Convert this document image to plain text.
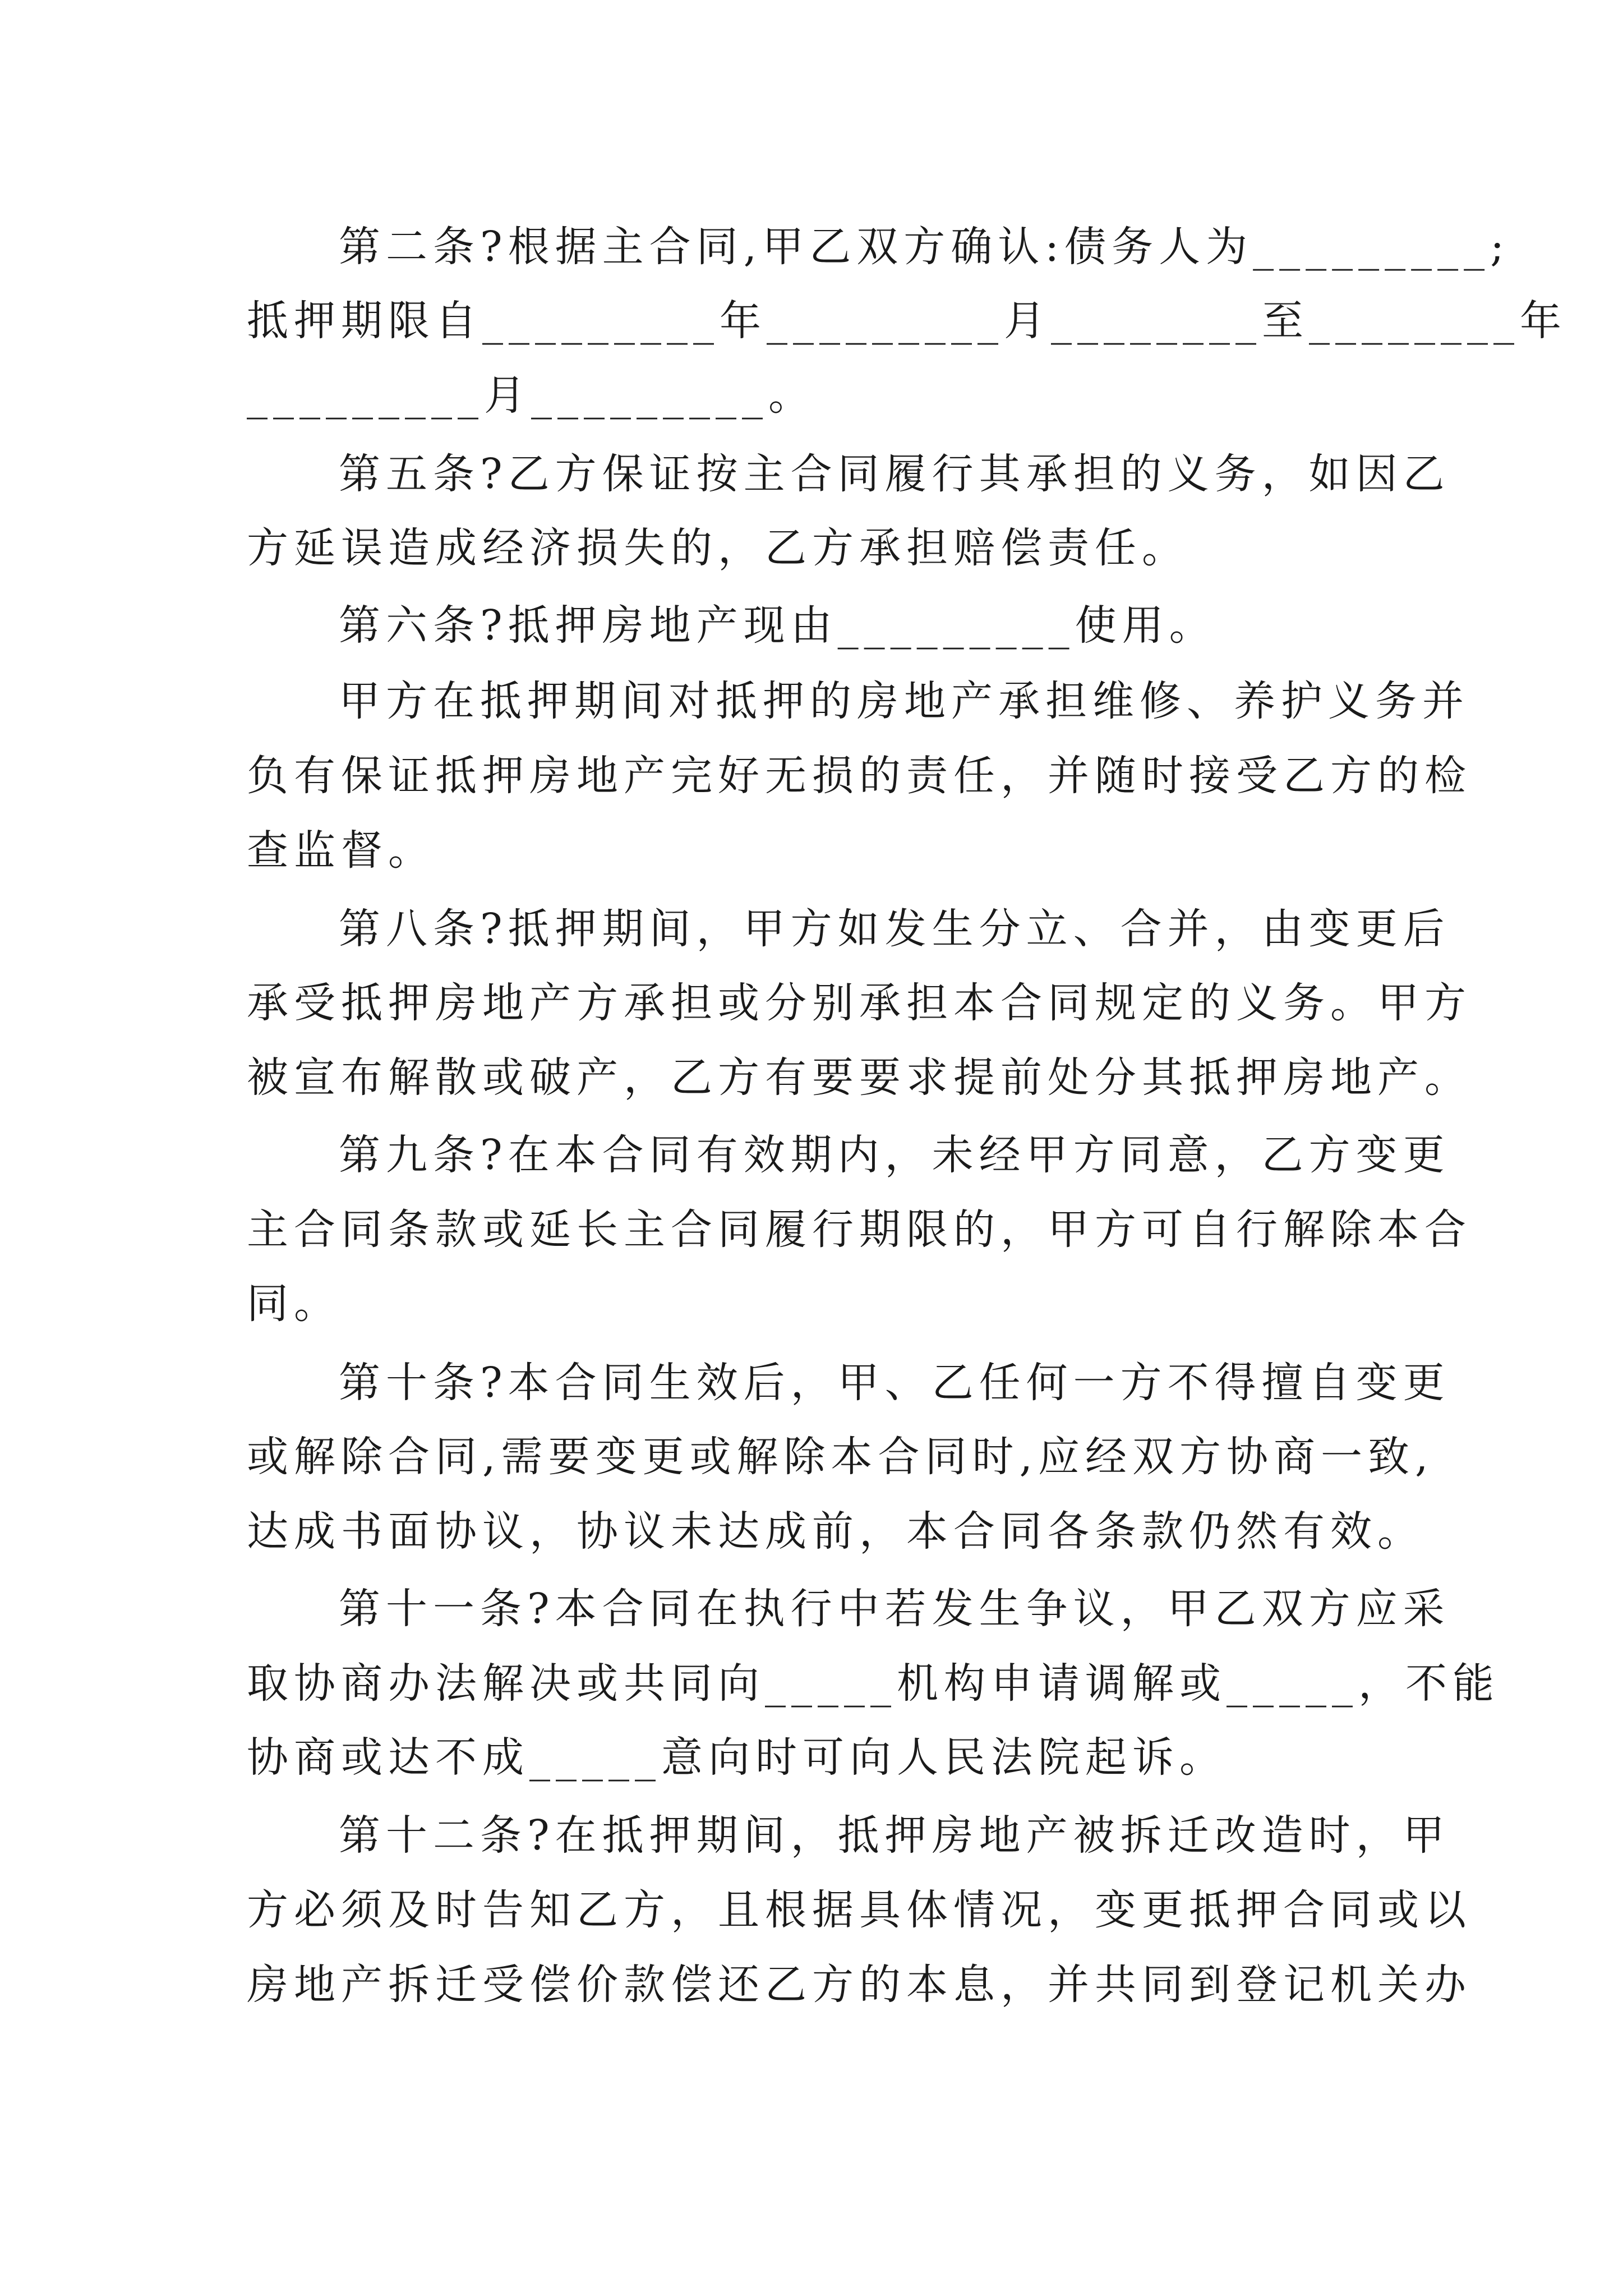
第二条?根据主合同,甲乙双方确认:债务人为_________;
抵押期限自_________年_________月________至________年
_________月_________。
第五条?乙方保证按主合同履行其承担的义务，如因乙
方延误造成经济损失的，乙方承担赔偿责任。
第六条?抵押房地产现由_________使用。
甲方在抵押期间对抵押的房地产承担维修、养护义务并
负有保证抵押房地产完好无损的责任，并随时接受乙方的检
查监督。
第八条?抵押期间，甲方如发生分立、合并，由变更后
承受抵押房地产方承担或分别承担本合同规定的义务。甲方
被宣布解散或破产，乙方有要要求提前处分其抵押房地产。
第九条?在本合同有效期内，未经甲方同意，乙方变更
主合同条款或延长主合同履行期限的，甲方可自行解除本合
同。
第十条?本合同生效后，甲、乙任何一方不得擅自变更
或解除合同,需要变更或解除本合同时,应经双方协商一致,
达成书面协议，协议未达成前，本合同各条款仍然有效。
第十一条?本合同在执行中若发生争议，甲乙双方应采
取协商办法解决或共同向_____机构申请调解或_____，不能
协商或达不成_____意向时可向人民法院起诉。
第十二条?在抵押期间，抵押房地产被拆迁改造时，甲
方必须及时告知乙方，且根据具体情况，变更抵押合同或以
房地产拆迁受偿价款偿还乙方的本息，并共同到登记机关办
